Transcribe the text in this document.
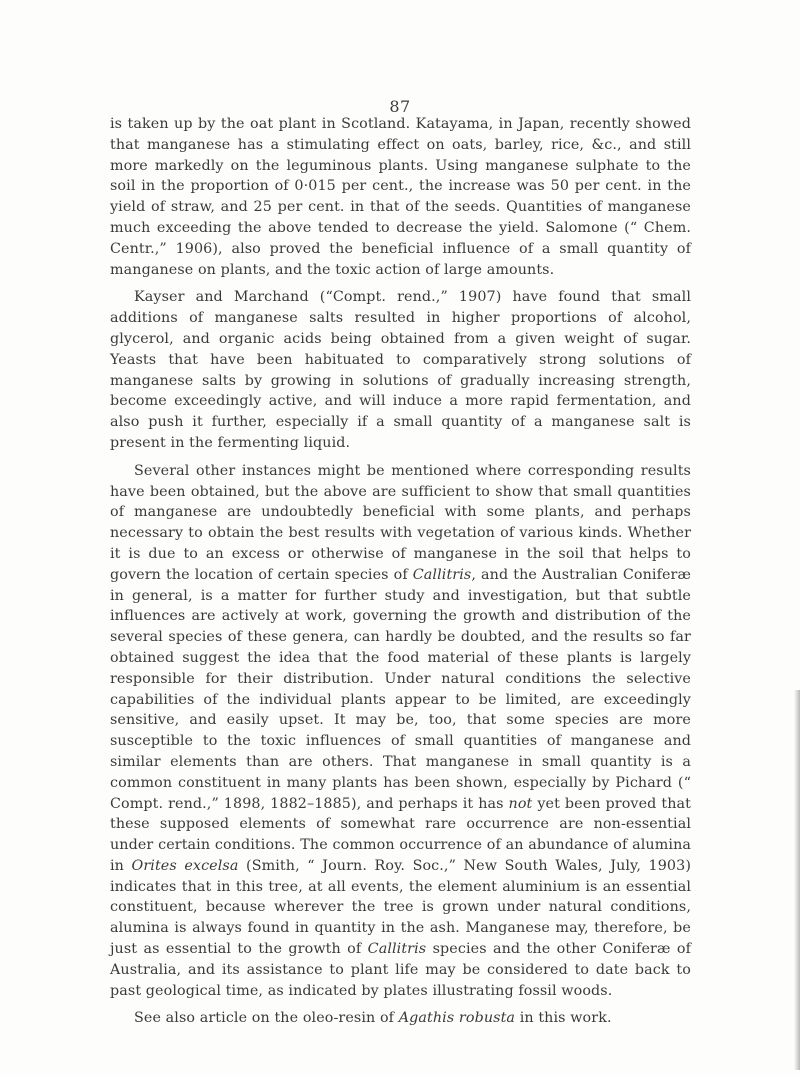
87

is taken up by the oat plant in Scotland. Katayama, in Japan, recently showed that manganese has a stimulating effect on oats, barley, rice, &c., and still more markedly on the leguminous plants. Using manganese sulphate to the soil in the proportion of 0·015 per cent., the increase was 50 per cent. in the yield of straw, and 25 per cent. in that of the seeds. Quantities of manganese much exceeding the above tended to decrease the yield. Salomone (“ Chem. Centr.,” 1906), also proved the beneficial influence of a small quantity of manganese on plants, and the toxic action of large amounts.

Kayser and Marchand (“Compt. rend.,” 1907) have found that small additions of manganese salts resulted in higher proportions of alcohol, glycerol, and organic acids being obtained from a given weight of sugar. Yeasts that have been habituated to comparatively strong solutions of manganese salts by growing in solutions of gradually increasing strength, become exceedingly active, and will induce a more rapid fermentation, and also push it further, especially if a small quantity of a manganese salt is present in the fermenting liquid.

Several other instances might be mentioned where corresponding results have been obtained, but the above are sufficient to show that small quantities of manganese are undoubtedly beneficial with some plants, and perhaps necessary to obtain the best results with vegetation of various kinds. Whether it is due to an excess or otherwise of manganese in the soil that helps to govern the location of certain species of Callitris, and the Australian Coniferæ in general, is a matter for further study and investigation, but that subtle influences are actively at work, governing the growth and distribution of the several species of these genera, can hardly be doubted, and the results so far obtained suggest the idea that the food material of these plants is largely responsible for their distribution. Under natural conditions the selective capabilities of the individual plants appear to be limited, are exceedingly sensitive, and easily upset. It may be, too, that some species are more susceptible to the toxic influences of small quantities of manganese and similar elements than are others. That manganese in small quantity is a common constituent in many plants has been shown, especially by Pichard (“ Compt. rend.,” 1898, 1882–1885), and perhaps it has not yet been proved that these supposed elements of somewhat rare occurrence are non-essential under certain conditions. The common occurrence of an abundance of alumina in Orites excelsa (Smith, “ Journ. Roy. Soc.,” New South Wales, July, 1903) indicates that in this tree, at all events, the element aluminium is an essential constituent, because wherever the tree is grown under natural conditions, alumina is always found in quantity in the ash. Manganese may, therefore, be just as essential to the growth of Callitris species and the other Coniferæ of Australia, and its assistance to plant life may be considered to date back to past geological time, as indicated by plates illustrating fossil woods.

See also article on the oleo-resin of Agathis robusta in this work.
